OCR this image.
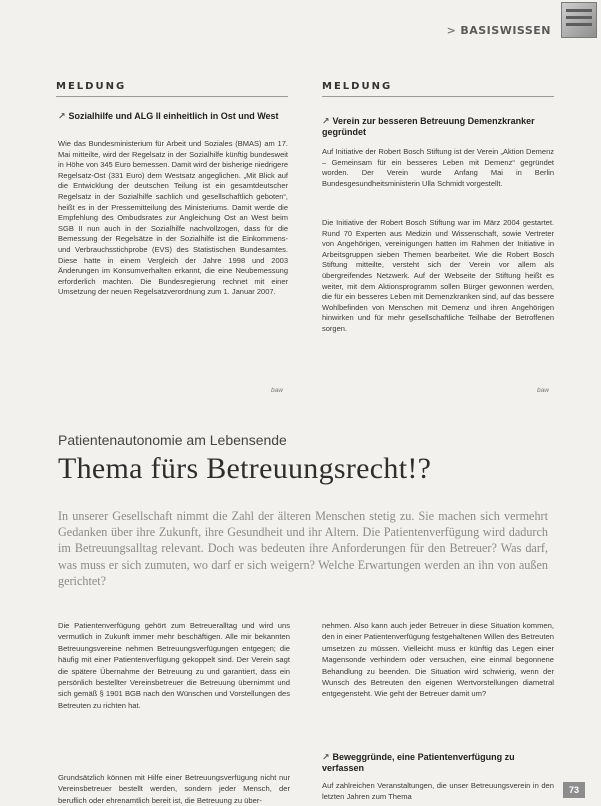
> BASISWISSEN
MELDUNG
↗ Sozialhilfe und ALG II einheitlich in Ost und West
Wie das Bundesministerium für Arbeit und Soziales (BMAS) am 17. Mai mitteilte, wird der Regelsatz in der Sozialhilfe künftig bundesweit in Höhe von 345 Euro bemessen. Damit wird der bisherige niedrigere Regelsatz-Ost (331 Euro) dem Westsatz angeglichen. „Mit Blick auf die Entwicklung der deutschen Teilung ist ein gesamtdeutscher Regelsatz in der Sozialhilfe sachlich und gesellschaftlich geboten“, heißt es in der Pressemitteilung des Ministeriums. Damit werde die Empfehlung des Ombudsrates zur Angleichung Ost an West beim SGB II nun auch in der Sozialhilfe nachvollzogen, dass für die Bemessung der Regelsätze in der Sozialhilfe ist die Einkommens- und Verbrauchsstichprobe (EVS) des Statistischen Bundesamtes. Diese hatte in einem Vergleich der Jahre 1998 und 2003 Änderungen im Konsumverhalten erkannt, die eine Neubemessung erforderlich machten. Die Bundesregierung rechnet mit einer Umsetzung der neuen Regelsatzverordnung zum 1. Januar 2007.
baw
MELDUNG
↗ Verein zur besseren Betreuung Demenzkranker gegründet
Auf Initiative der Robert Bosch Stiftung ist der Verein „Aktion Demenz – Gemeinsam für ein besseres Leben mit Demenz“ gegründet worden. Der Verein wurde Anfang Mai in Berlin Bundesgesundheitsministerin Ulla Schmidt vorgestellt.
Die Initiative der Robert Bosch Stiftung war im März 2004 gestartet. Rund 70 Experten aus Medizin und Wissenschaft, sowie Vertreter von Angehörigen, vereinigungen hatten im Rahmen der Initiative in Arbeitsgruppen sieben Themen bearbeitet. Wie die Robert Bosch Stiftung mitteilte, versteht sich der Verein vor allem als übergreifendes Netzwerk. Auf der Webseite der Stiftung heißt es weiter, mit dem Aktionsprogramm sollen Bürger gewonnen werden, die für ein besseres Leben mit Demenzkranken sind, auf das bessere Wohlbefinden von Menschen mit Demenz und ihren Angehörigen hinwirken und für mehr gesellschaftliche Teilhabe der Betroffenen sorgen.
baw
Patientenautonomie am Lebensende
Thema fürs Betreuungsrecht!?
In unserer Gesellschaft nimmt die Zahl der älteren Menschen stetig zu. Sie machen sich vermehrt Gedanken über ihre Zukunft, ihre Gesundheit und ihr Altern. Die Patientenverfügung wird dadurch im Betreuungsalltag relevant. Doch was bedeuten ihre Anforderungen für den Betreuer? Was darf, was muss er sich zumuten, wo darf er sich weigern? Welche Erwartungen werden an ihn von außen gerichtet?
Die Patientenverfügung gehört zum Betreueralltag und wird uns vermutlich in Zukunft immer mehr beschäftigen. Alle mir bekannten Betreuungsvereine nehmen Betreuungsverfügungen entgegen; die häufig mit einer Patientenverfügung gekoppelt sind. Der Verein sagt die spätere Übernahme der Betreuung zu und garantiert, dass ein persönlich bestellter Vereinsbetreuer die Betreuung übernimmt und sich gemäß § 1901 BGB nach den Wünschen und Vorstellungen des Betreuten zu richten hat.
Grundsätzlich können mit Hilfe einer Betreuungsverfügung nicht nur Vereinsbetreuer bestellt werden, sondern jeder Mensch, der beruflich oder ehrenamtlich bereit ist, die Betreuung zu über-
nehmen. Also kann auch jeder Betreuer in diese Situation kommen, den in einer Patientenverfügung festgehaltenen Willen des Betreuten umsetzen zu müssen. Vielleicht muss er künftig das Legen einer Magensonde verhindern oder versuchen, eine einmal begonnene Behandlung zu beenden. Die Situation wird schwierig, wenn der Wunsch des Betreuten den eigenen Wertvorstellungen diametral entgegensteht. Wie geht der Betreuer damit um?
↗ Beweggründe, eine Patientenverfügung zu verfassen
Auf zahlreichen Veranstaltungen, die unser Betreuungsverein in den letzten Jahren zum Thema
73
